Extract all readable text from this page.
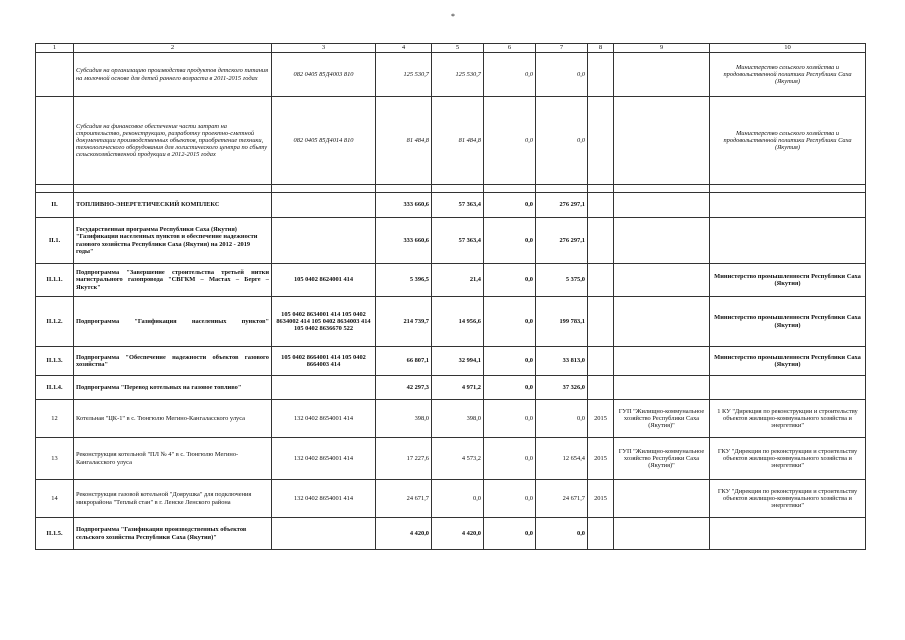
*
1	2	3	4	5	6	7	8	9	10
	Субсидия на организацию производства продуктов детского питания на молочной основе для детей раннего возраста в 2011-2015 годах	082 0405 85Д4003 810	125 530,7	125 530,7	0,0	0,0			Министерство сельского хозяйства и продовольственной политики Республики Саха (Якутия)
	Субсидия на финансовое обеспечение части затрат на строительство, реконструкцию, разработку проектно-сметной документации производственных объектов, приобретение техники, технологического оборудования для логистического центра по сбыту сельскохозяйственной продукции в 2012-2015 годах	082 0405 85Д4014 810	81 484,8	81 484,8	0,0	0,0			Министерство сельского хозяйства и продовольственной политики Республики Саха (Якутия)

II.	ТОПЛИВНО-ЭНЕРГЕТИЧЕСКИЙ КОМПЛЕКС		333 660,6	57 363,4	0,0	276 297,1			
II.1.	Государственная программа Республики Саха (Якутия) "Газификация населенных пунктов и обеспечение надежности газового хозяйства Республики Саха (Якутия) на 2012 - 2019 годы"		333 660,6	57 363,4	0,0	276 297,1			
II.1.1.	Подпрограмма "Завершение строительства третьей нитки магистрального газопровода "СВГКМ – Мастах – Берге – Якутск"	105 0402 8624001 414	5 396,5	21,4	0,0	5 375,0			Министерство промышленности Республики Саха (Якутия)
II.1.2.	Подпрограмма "Газификация населенных пунктов"	105 0402 8634001 414 105 0402 8634002 414 105 0402 8634003 414 105 0402 8636670 522	214 739,7	14 956,6	0,0	199 783,1			Министерство промышленности Республики Саха (Якутия)
II.1.3.	Подпрограмма "Обеспечение надежности объектов газового хозяйства"	105 0402 8664001 414 105 0402 8664003 414	66 807,1	32 994,1	0,0	33 813,0			Министерство промышленности Республики Саха (Якутия)
II.1.4.	Подпрограмма "Перевод котельных на газовое топливо"		42 297,3	4 971,2	0,0	37 326,0			
12	Котельная "ЦК-1" в с. Тюнгюлю Мегино-Кангаласского улуса	132 0402 8654001 414	398,0	398,0	0,0	0,0	2015	ГУП "Жилищно-коммунальное хозяйство Республики Саха (Якутия)"	1 КУ "Дирекция по реконструкции и строительству объектов жилищно-коммунального хозяйства и энергетики"
13	Реконструкция котельной "ПЛ № 4" в с. Тюнгюлю Мегино-Кангаласского улуса	132 0402 8654001 414	17 227,6	4 573,2	0,0	12 654,4	2015	ГУП "Жилищно-коммунальное хозяйство Республики Саха (Якутия)"	ГКУ "Дирекция по реконструкции и строительству объектов жилищно-коммунального хозяйства и энергетики"
14	Реконструкция газовой котельной "Доярушка" для подключения микрорайона "Теплый стан" в г. Ленске Ленского района	132 0402 8654001 414	24 671,7	0,0	0,0	24 671,7	2015		ГКУ "Дирекция по реконструкции и строительству объектов жилищно-коммунального хозяйства и энергетики"
II.1.5.	Подпрограмма "Газификация производственных объектов сельского хозяйства Республики Саха (Якутия)"		4 420,0	4 420,0	0,0	0,0			
